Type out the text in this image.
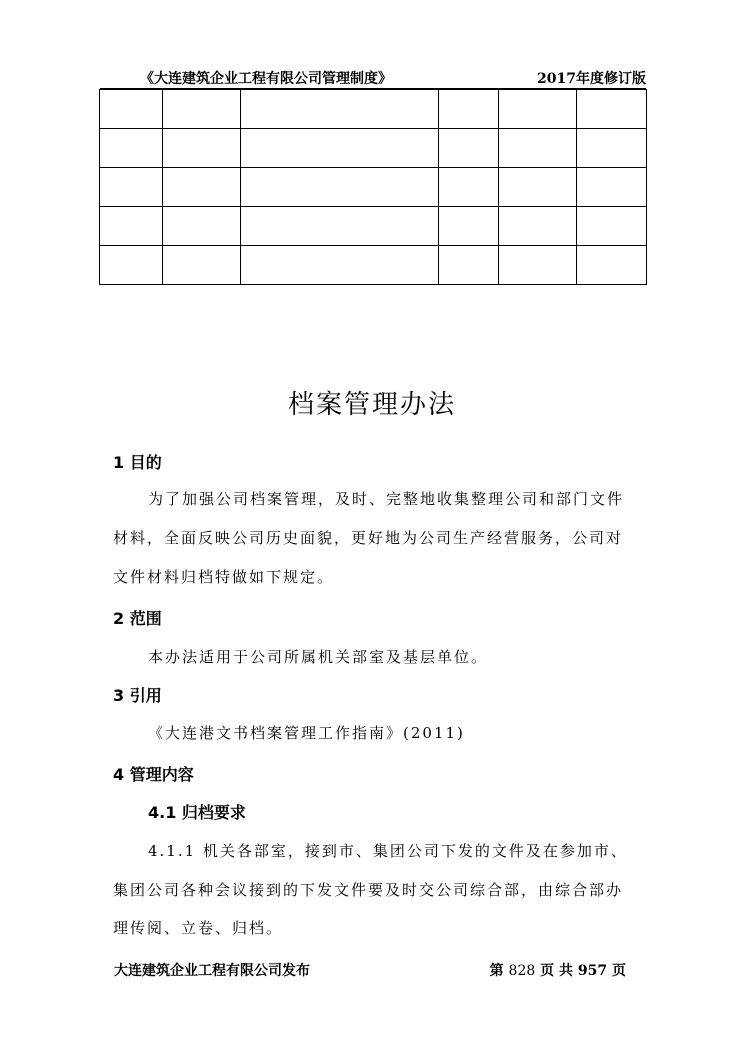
《大连建筑企业工程有限公司管理制度》	2017年度修订版

档案管理办法
1 目的
为了加强公司档案管理，及时、完整地收集整理公司和部门文件
材料，全面反映公司历史面貌，更好地为公司生产经营服务，公司对
文件材料归档特做如下规定。
2 范围
本办法适用于公司所属机关部室及基层单位。
3 引用
《大连港文书档案管理工作指南》(2011)
4 管理内容
4.1 归档要求
4.1.1 机关各部室，接到市、集团公司下发的文件及在参加市、
集团公司各种会议接到的下发文件要及时交公司综合部，由综合部办
理传阅、立卷、归档。
大连建筑企业工程有限公司发布	第 828 页 共 957 页
